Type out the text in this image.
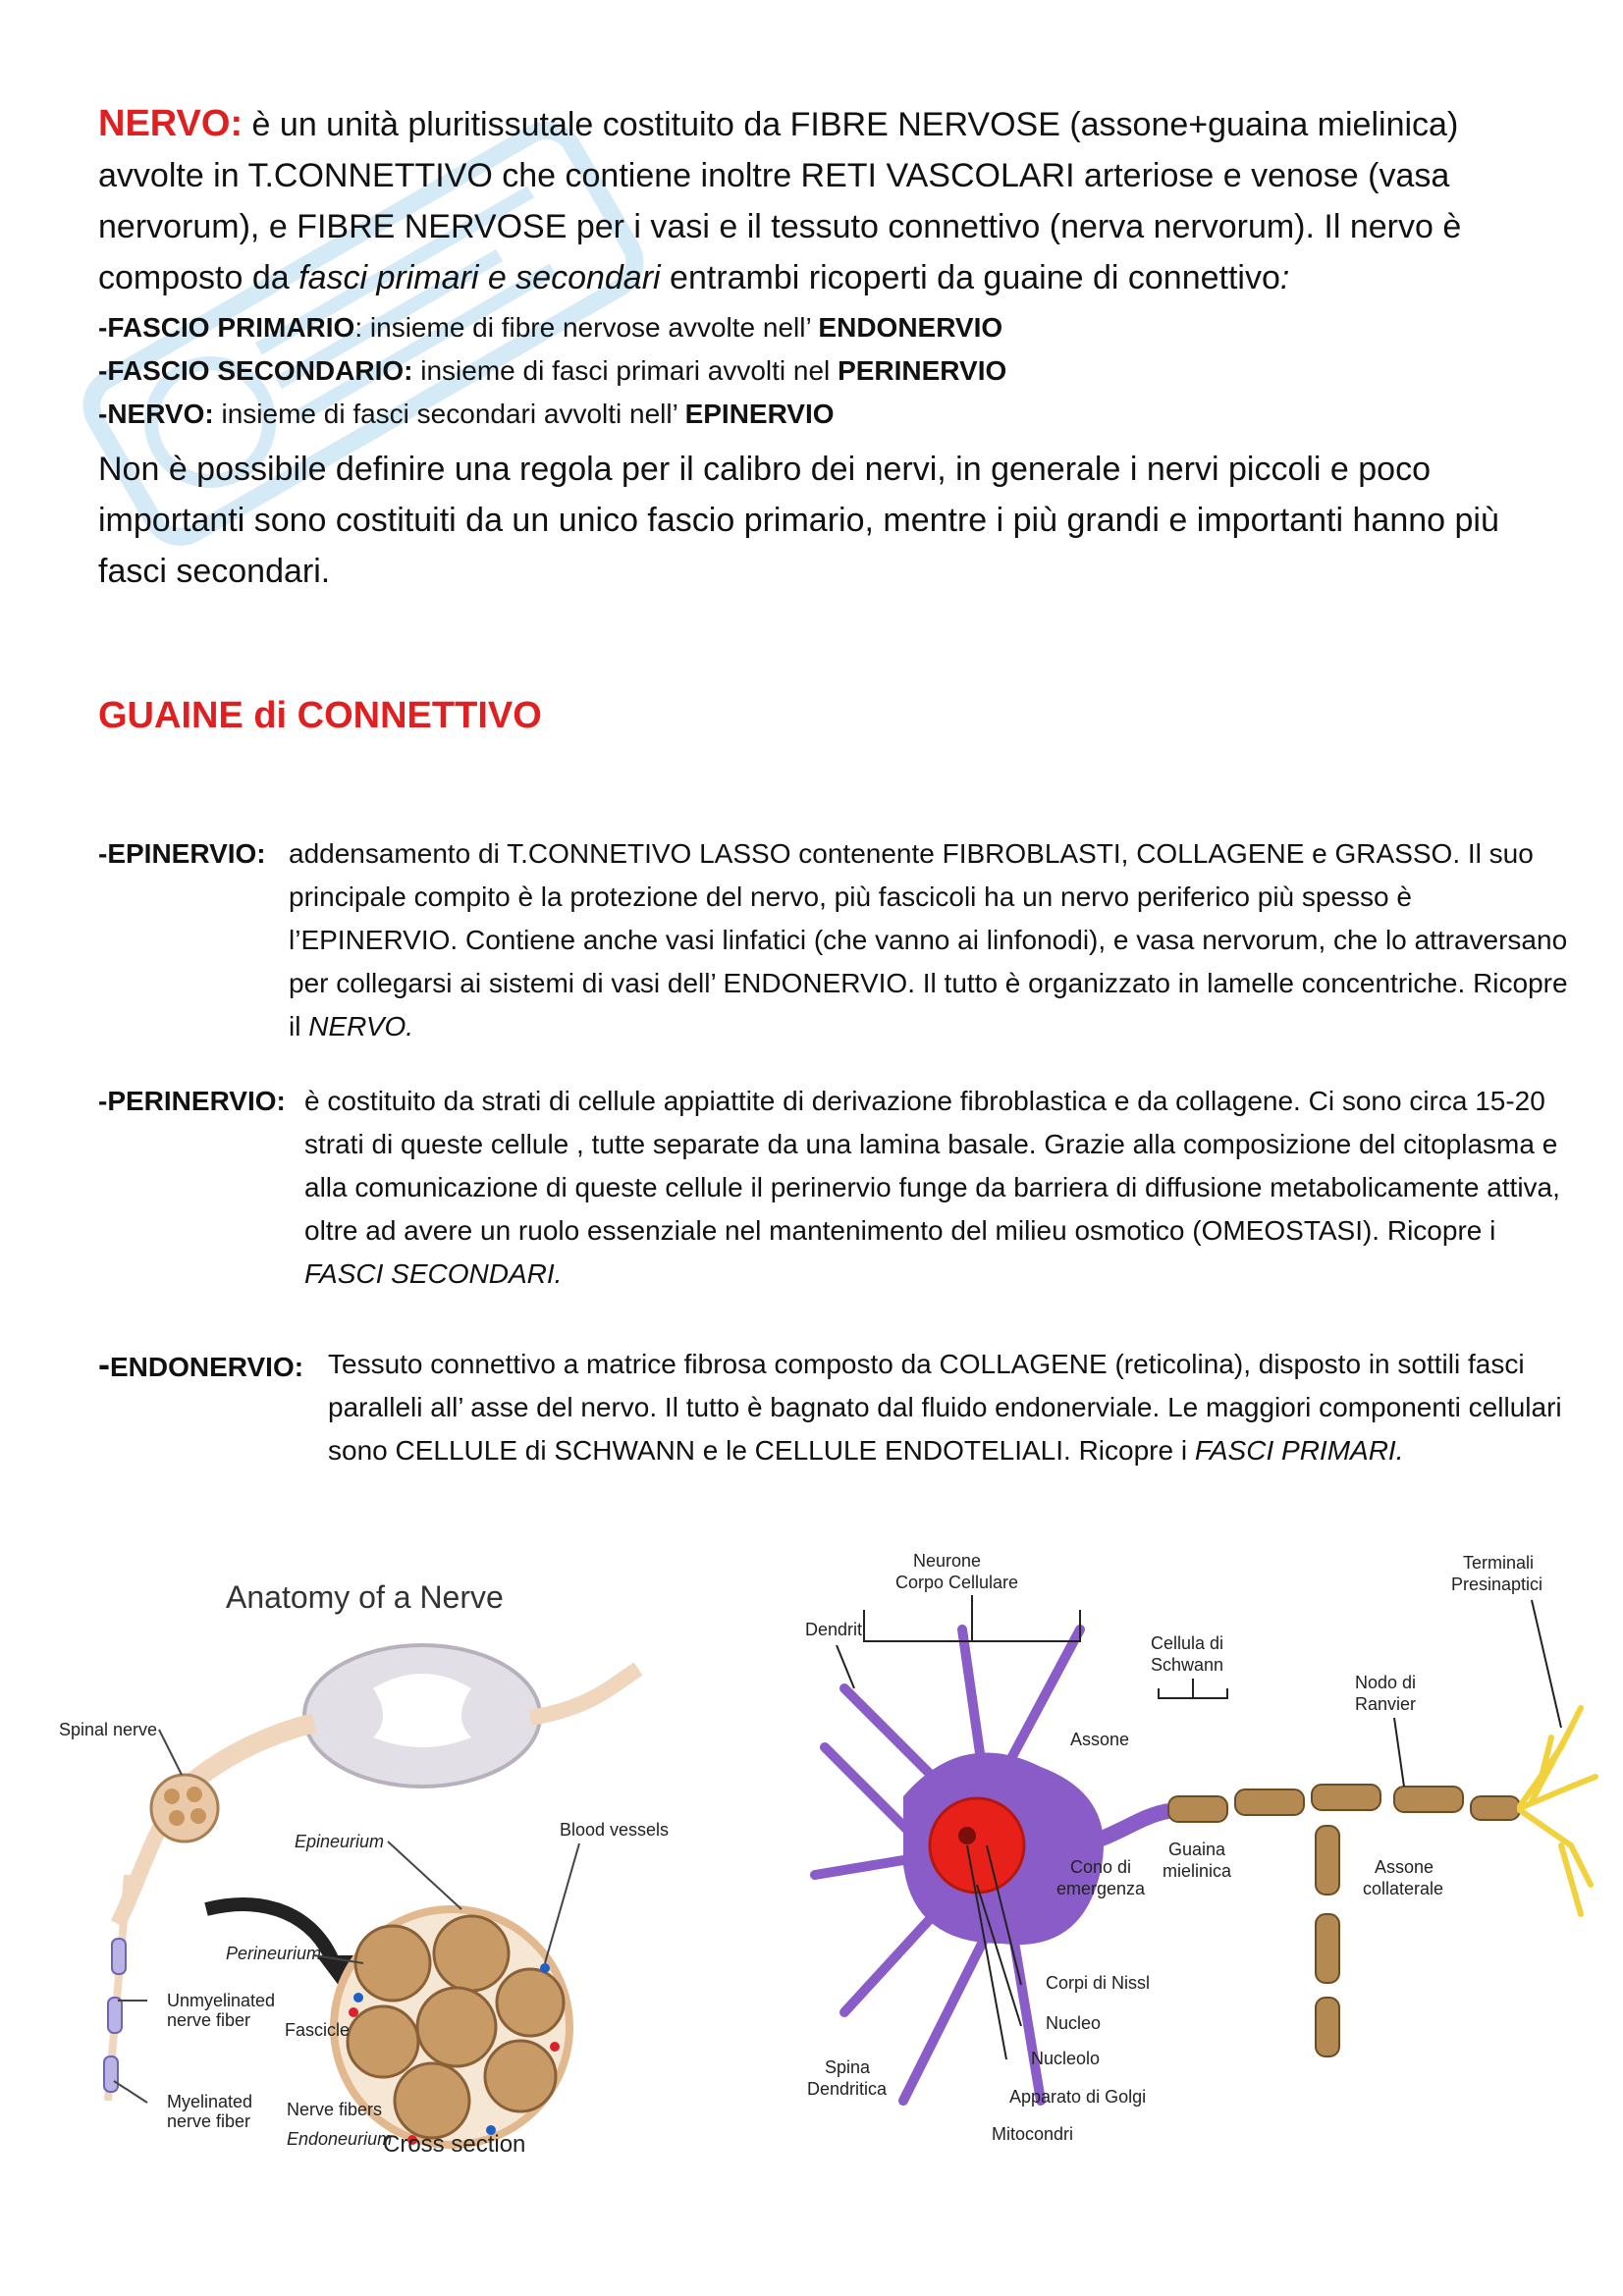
NERVO: è un unità pluritissutale costituito da FIBRE NERVOSE (assone+guaina mielinica) avvolte in T.CONNETTIVO che contiene inoltre RETI VASCOLARI arteriose e venose (vasa nervorum), e FIBRE NERVOSE per i vasi e il tessuto connettivo (nerva nervorum). Il nervo è composto da fasci primari e secondari entrambi ricoperti da guaine di connettivo:

-FASCIO PRIMARIO: insieme di fibre nervose avvolte nell’ ENDONERVIO
-FASCIO SECONDARIO: insieme di fasci primari avvolti nel PERINERVIO
-NERVO: insieme di fasci secondari avvolti nell’ EPINERVIO

Non è possibile definire una regola per il calibro dei nervi, in generale i nervi piccoli e poco importanti sono costituiti da un unico fascio primario, mentre i più grandi e importanti hanno più fasci secondari.

GUAINE di CONNETTIVO
-EPINERVIO: addensamento di T.CONNETIVO LASSO contenente FIBROBLASTI, COLLAGENE e GRASSO. Il suo principale compito è la protezione del nervo, più fascicoli ha un nervo periferico più spesso è l’EPINERVIO. Contiene anche vasi linfatici (che vanno ai linfonodi), e vasa nervorum, che lo attraversano per collegarsi ai sistemi di vasi dell’ ENDONERVIO. Il tutto è organizzato in lamelle concentriche. Ricopre il NERVO.
-PERINERVIO: è costituito da strati di cellule appiattite di derivazione fibroblastica e da collagene. Ci sono circa 15-20 strati di queste cellule , tutte separate da una lamina basale. Grazie alla composizione del citoplasma e alla comunicazione di queste cellule il perinervio funge da barriera di diffusione metabolicamente attiva, oltre ad avere un ruolo essenziale nel mantenimento del milieu osmotico (OMEOSTASI). Ricopre i FASCI SECONDARI.
-ENDONERVIO: Tessuto connettivo a matrice fibrosa composto da COLLAGENE (reticolina), disposto in sottili fasci paralleli all’ asse del nervo. Il tutto è bagnato dal fluido endonerviale. Le maggiori componenti cellulari sono CELLULE di SCHWANN e le CELLULE ENDOTELIALI. Ricopre i FASCI PRIMARI.
Anatomy of a Nerve
Spinal nerve
Epineurium
Blood vessels
Perineurium
Unmyelinated
nerve fiber Fascicle
Myelinated
nerve fiber
Nerve fibers
Endoneurium
Cross section
Neurone
Corpo Cellulare
Dendriti
Cellula di
Schwann
Assone
Nodo di
Ranvier
Terminali
Presinaptici
Cono di
emergenza
Guaina
mielinica	Assone
collaterale
Corpi di Nissl
Nucleo
Nucleolo
Spina
Dendritica	Apparato di Golgi
Mitocondri
